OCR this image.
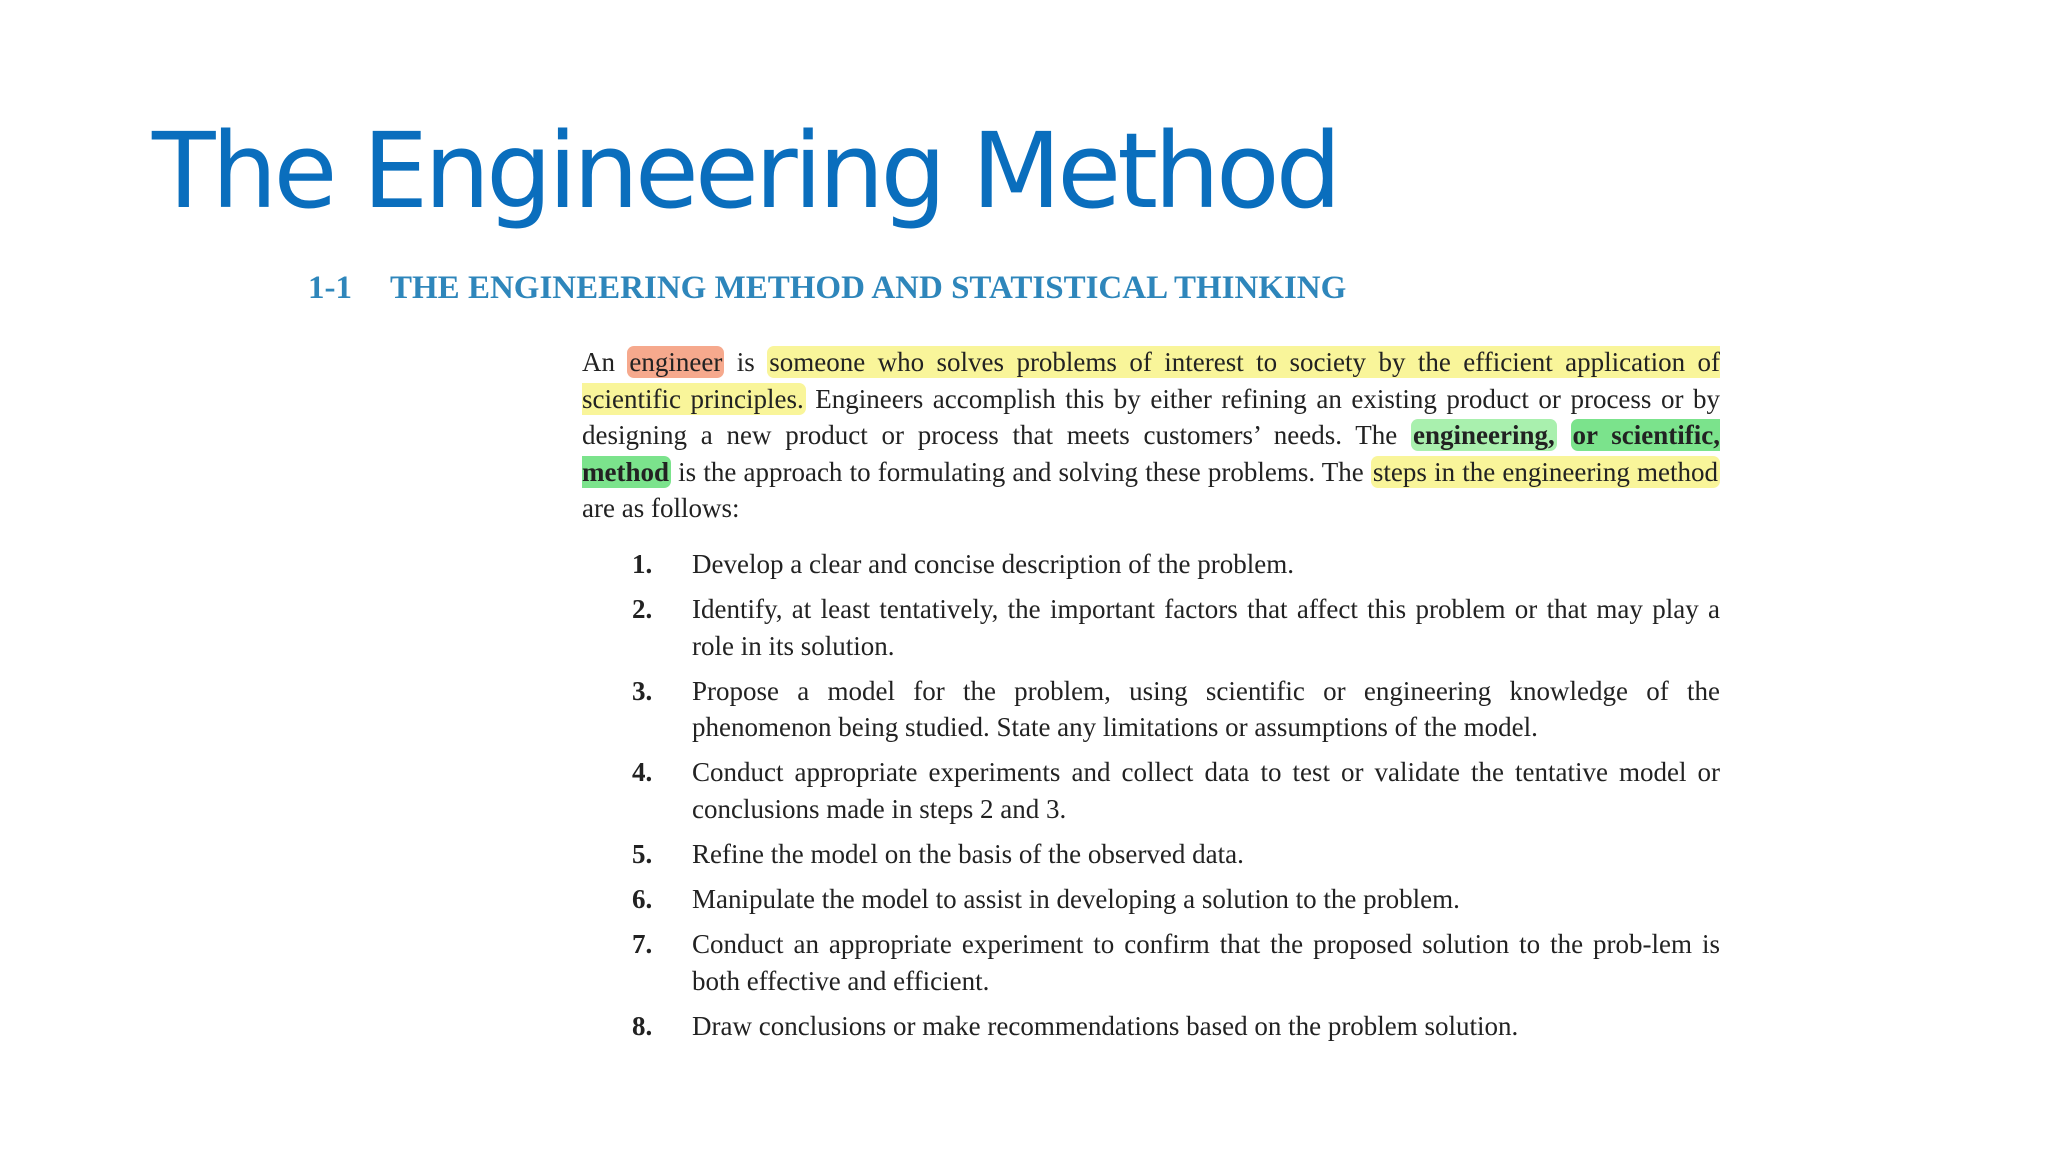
The Engineering Method
1-1 THE ENGINEERING METHOD AND STATISTICAL THINKING

An engineer is someone who solves problems of interest to society by the efficient application of scientific principles. Engineers accomplish this by either refining an existing product or process or by designing a new product or process that meets customers’ needs. The engineering, or scientific, method is the approach to formulating and solving these problems. The steps in the engineering method are as follows:

1.	Develop a clear and concise description of the problem.
2.	Identify, at least tentatively, the important factors that affect this problem or that may play a role in its solution.
3.	Propose a model for the problem, using scientific or engineering knowledge of the phenomenon being studied. State any limitations or assumptions of the model.
4.	Conduct appropriate experiments and collect data to test or validate the tentative model or conclusions made in steps 2 and 3.
5.	Refine the model on the basis of the observed data.
6.	Manipulate the model to assist in developing a solution to the problem.
7.	Conduct an appropriate experiment to confirm that the proposed solution to the prob-lem is both effective and efficient.
8.	Draw conclusions or make recommendations based on the problem solution.
